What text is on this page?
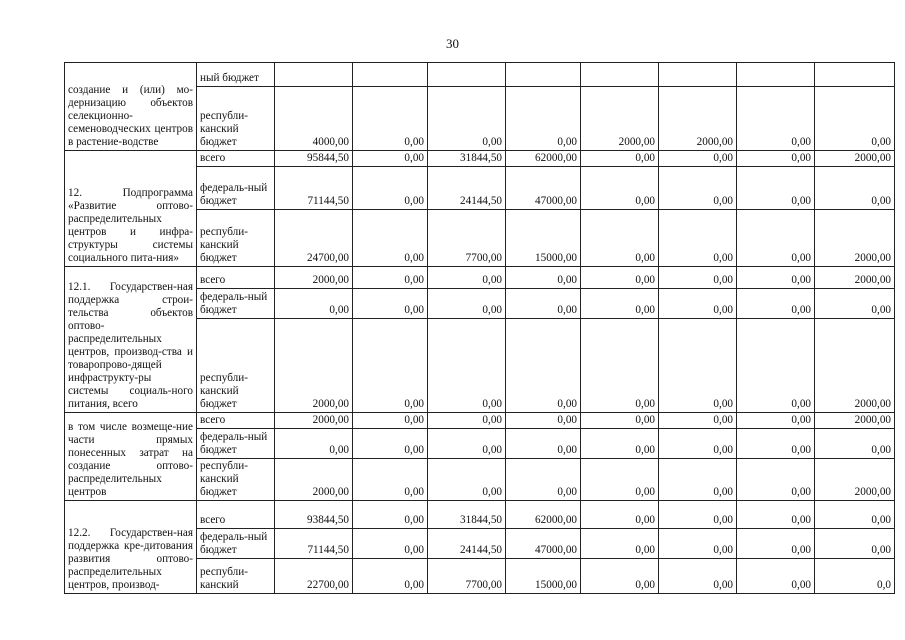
30
создание и (или) мо-дернизацию объектов селекционно-семеноводческих центров в растение-водстве	ный бюджет								
	республи-канский бюджет	4000,00	0,00	0,00	0,00	2000,00	2000,00	0,00	0,00
12. Подпрограмма «Развитие оптово-распределительных центров и инфра-структуры системы социального пита-ния»	всего	95844,50	0,00	31844,50	62000,00	0,00	0,00	0,00	2000,00
	федераль-ный бюджет	71144,50	0,00	24144,50	47000,00	0,00	0,00	0,00	0,00
	республи-канский бюджет	24700,00	0,00	7700,00	15000,00	0,00	0,00	0,00	2000,00
12.1. Государствен-ная поддержка строи-тельства объектов оптово-распределительных центров, производ-ства и товаропрово-дящей инфраструкту-ры системы социаль-ного питания, всего	всего	2000,00	0,00	0,00	0,00	0,00	0,00	0,00	2000,00
	федераль-ный бюджет	0,00	0,00	0,00	0,00	0,00	0,00	0,00	0,00
	республи-канский бюджет	2000,00	0,00	0,00	0,00	0,00	0,00	0,00	2000,00
в том числе возмеще-ние части прямых понесенных затрат на создание оптово-распределительных центров	всего	2000,00	0,00	0,00	0,00	0,00	0,00	0,00	2000,00
	федераль-ный бюджет	0,00	0,00	0,00	0,00	0,00	0,00	0,00	0,00
	республи-канский бюджет	2000,00	0,00	0,00	0,00	0,00	0,00	0,00	2000,00
12.2. Государствен-ная поддержка кре-дитования развития оптово-распределительных центров, производ-	всего	93844,50	0,00	31844,50	62000,00	0,00	0,00	0,00	0,00
	федераль-ный бюджет	71144,50	0,00	24144,50	47000,00	0,00	0,00	0,00	0,00
	республи-канский	22700,00	0,00	7700,00	15000,00	0,00	0,00	0,00	0,0
